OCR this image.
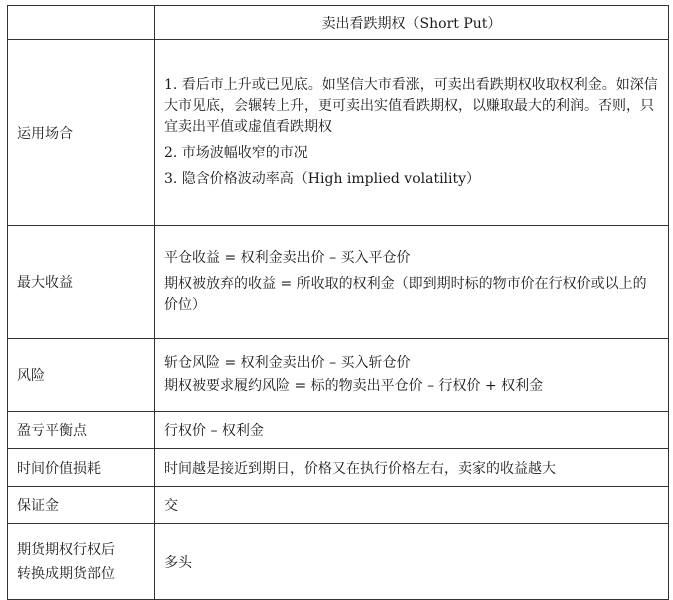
	卖出看跌期权（Short Put）
运用场合	1. 看后市上升或已见底。如坚信大市看涨，可卖出看跌期权收取权利金。如深信大市见底，会辗转上升，更可卖出实值看跌期权，以赚取最大的利润。否则，只宜卖出平值或虚值看跌期权
2. 市场波幅收窄的市况
3. 隐含价格波动率高（High implied volatility）

最大收益	平仓收益 = 权利金卖出价 – 买入平仓价
期权被放弃的收益 = 所收取的权利金（即到期时标的物市价在行权价或以上的价位）

风险	斩仓风险 = 权利金卖出价 – 买入斩仓价
期权被要求履约风险 = 标的物卖出平仓价 – 行权价 + 权利金

盈亏平衡点	行权价 – 权利金
时间价值损耗	时间越是接近到期日，价格又在执行价格左右，卖家的收益越大
保证金	交

期货期权行权后
转换成期货部位	多头
